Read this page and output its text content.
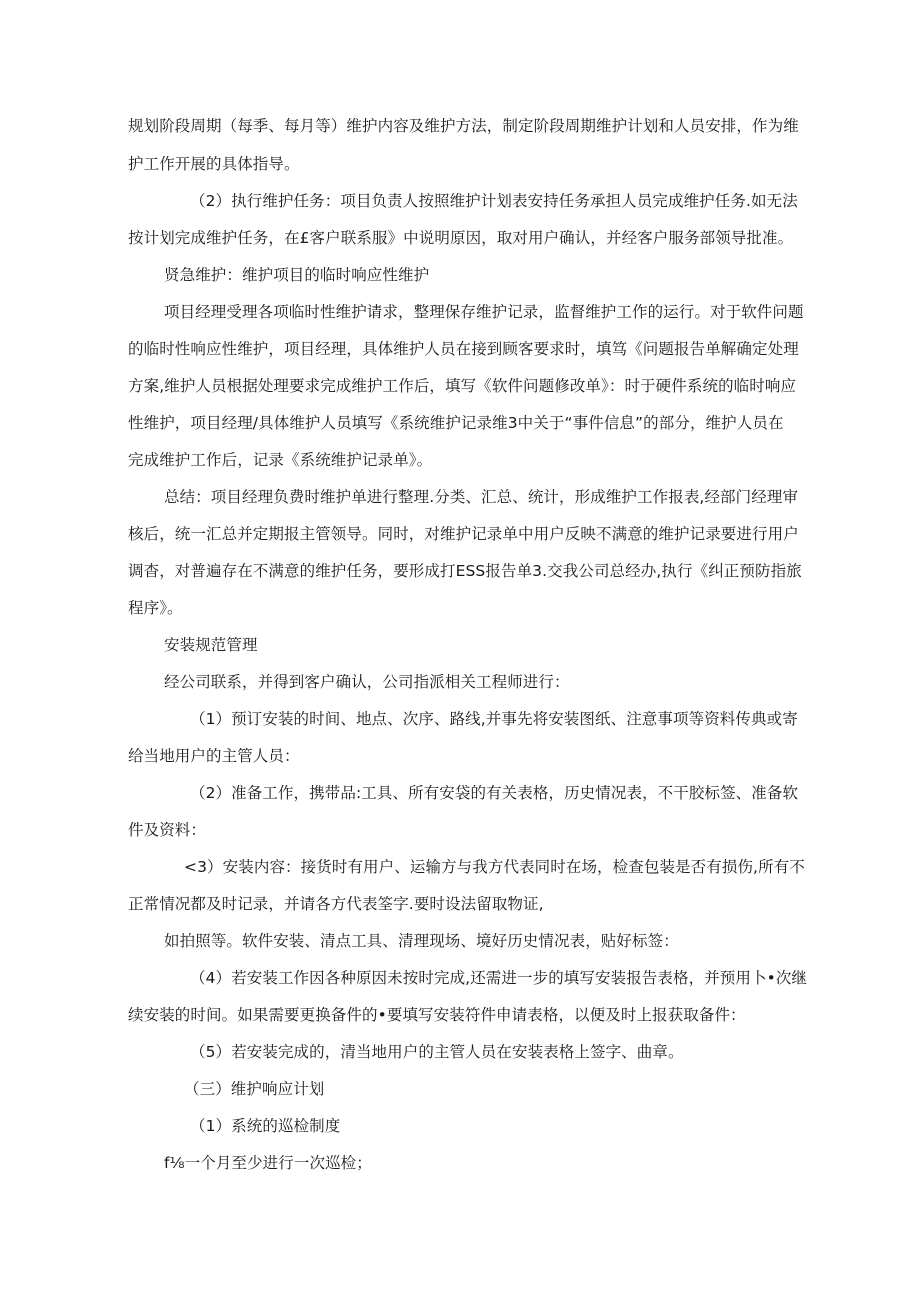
规划阶段周期（每季、每月等）维护内容及维护方法，制定阶段周期维护计划和人员安排，作为维
护工作开展的具体指导。
（2）执行维护任务：项目负责人按照维护计划表安持任务承担人员完成维护任务.如无法
按计划完成维护任务，在£客户联系服》中说明原因，取对用户确认，并经客户服务部领导批准。
贤急维护：维护项目的临时响应性维护
项目经理受理各项临时性维护请求，整理保存维护记录，监督维护工作的运行。对于软件问题
的临时性响应性维护，项目经理，具体维护人员在接到顾客要求时，填笃《问题报告单解确定处理
方案,维护人员根据处理要求完成维护工作后，填写《软件问题修改单》：时于硬件系统的临时响应
性维护，项目经理/具体维护人员填写《系统维护记录维3中关于“事件信息”的部分，维护人员在
完成维护工作后，记录《系统维护记录单》。
总结：项目经理负费时维护单进行整理.分类、汇总、统计，形成维护工作报表,经部门经理审
核后，统一汇总并定期报主管领导。同时，对维护记录单中用户反映不满意的维护记录要进行用户
调杳，对普遍存在不满意的维护任务，要形成打ESS报告单3.交我公司总经办,执行《纠正预防指旅
程序》。
安装规范管理
经公司联系，并得到客户确认，公司指派相关工程师进行：
（1）预订安装的时间、地点、次序、路线,并事先将安装图纸、注意事项等资料传典或寄
给当地用户的主管人员：
（2）准备工作，携带品:工具、所有安袋的有关表格，历史情况表，不干胶标签、准备软
件及资料：
<3）安装内容：接货时有用户、运输方与我方代表同时在场，检查包装是否有损伤,所有不
正常情况都及时记录，并请各方代表筌字.要时设法留取物证,
如拍照等。软件安装、清点工具、清理现场、境好历史情况表，贴好标签：
（4）若安装工作因各种原因未按时完成,还需进一步的填写安装报告表格，并预用卜•次继
续安装的时间。如果需要更换备件的•要填写安装符件申请表格，以便及时上报获取备件：
（5）若安装完成的，清当地用户的主管人员在安装表格上签字、曲章。
（三）维护响应计划
（1）系统的巡检制度
f⅛一个月至少进行一次巡检；
